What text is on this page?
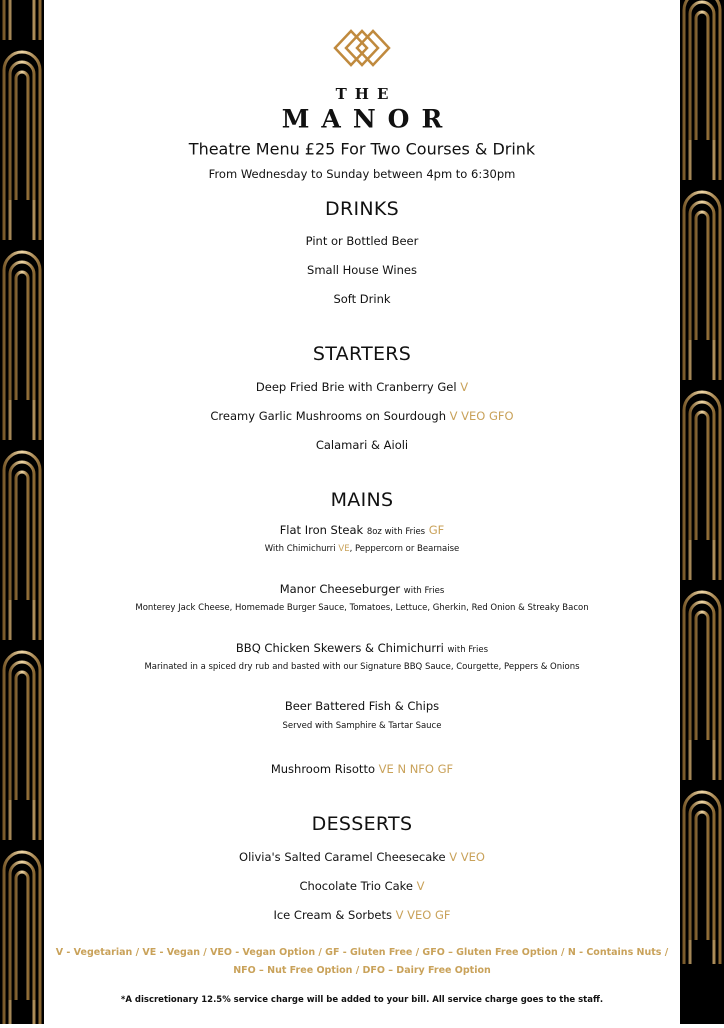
THE
MANOR
Theatre Menu £25 For Two Courses & Drink
From Wednesday to Sunday between 4pm to 6:30pm
DRINKS
Pint or Bottled Beer
Small House Wines
Soft Drink
STARTERS
Deep Fried Brie with Cranberry Gel V
Creamy Garlic Mushrooms on Sourdough V VEO GFO
Calamari & Aioli
MAINS
Flat Iron Steak 8oz with Fries GF
With Chimichurri VE, Peppercorn or Bearnaise
Manor Cheeseburger with Fries
Monterey Jack Cheese, Homemade Burger Sauce, Tomatoes, Lettuce, Gherkin, Red Onion & Streaky Bacon
BBQ Chicken Skewers & Chimichurri with Fries
Marinated in a spiced dry rub and basted with our Signature BBQ Sauce, Courgette, Peppers & Onions
Beer Battered Fish & Chips
Served with Samphire & Tartar Sauce
Mushroom Risotto VE N NFO GF
DESSERTS
Olivia's Salted Caramel Cheesecake V VEO
Chocolate Trio Cake V
Ice Cream & Sorbets V VEO GF
V - Vegetarian / VE - Vegan / VEO - Vegan Option / GF - Gluten Free / GFO – Gluten Free Option / N - Contains Nuts / NFO – Nut Free Option / DFO – Dairy Free Option
*A discretionary 12.5% service charge will be added to your bill. All service charge goes to the staff.
